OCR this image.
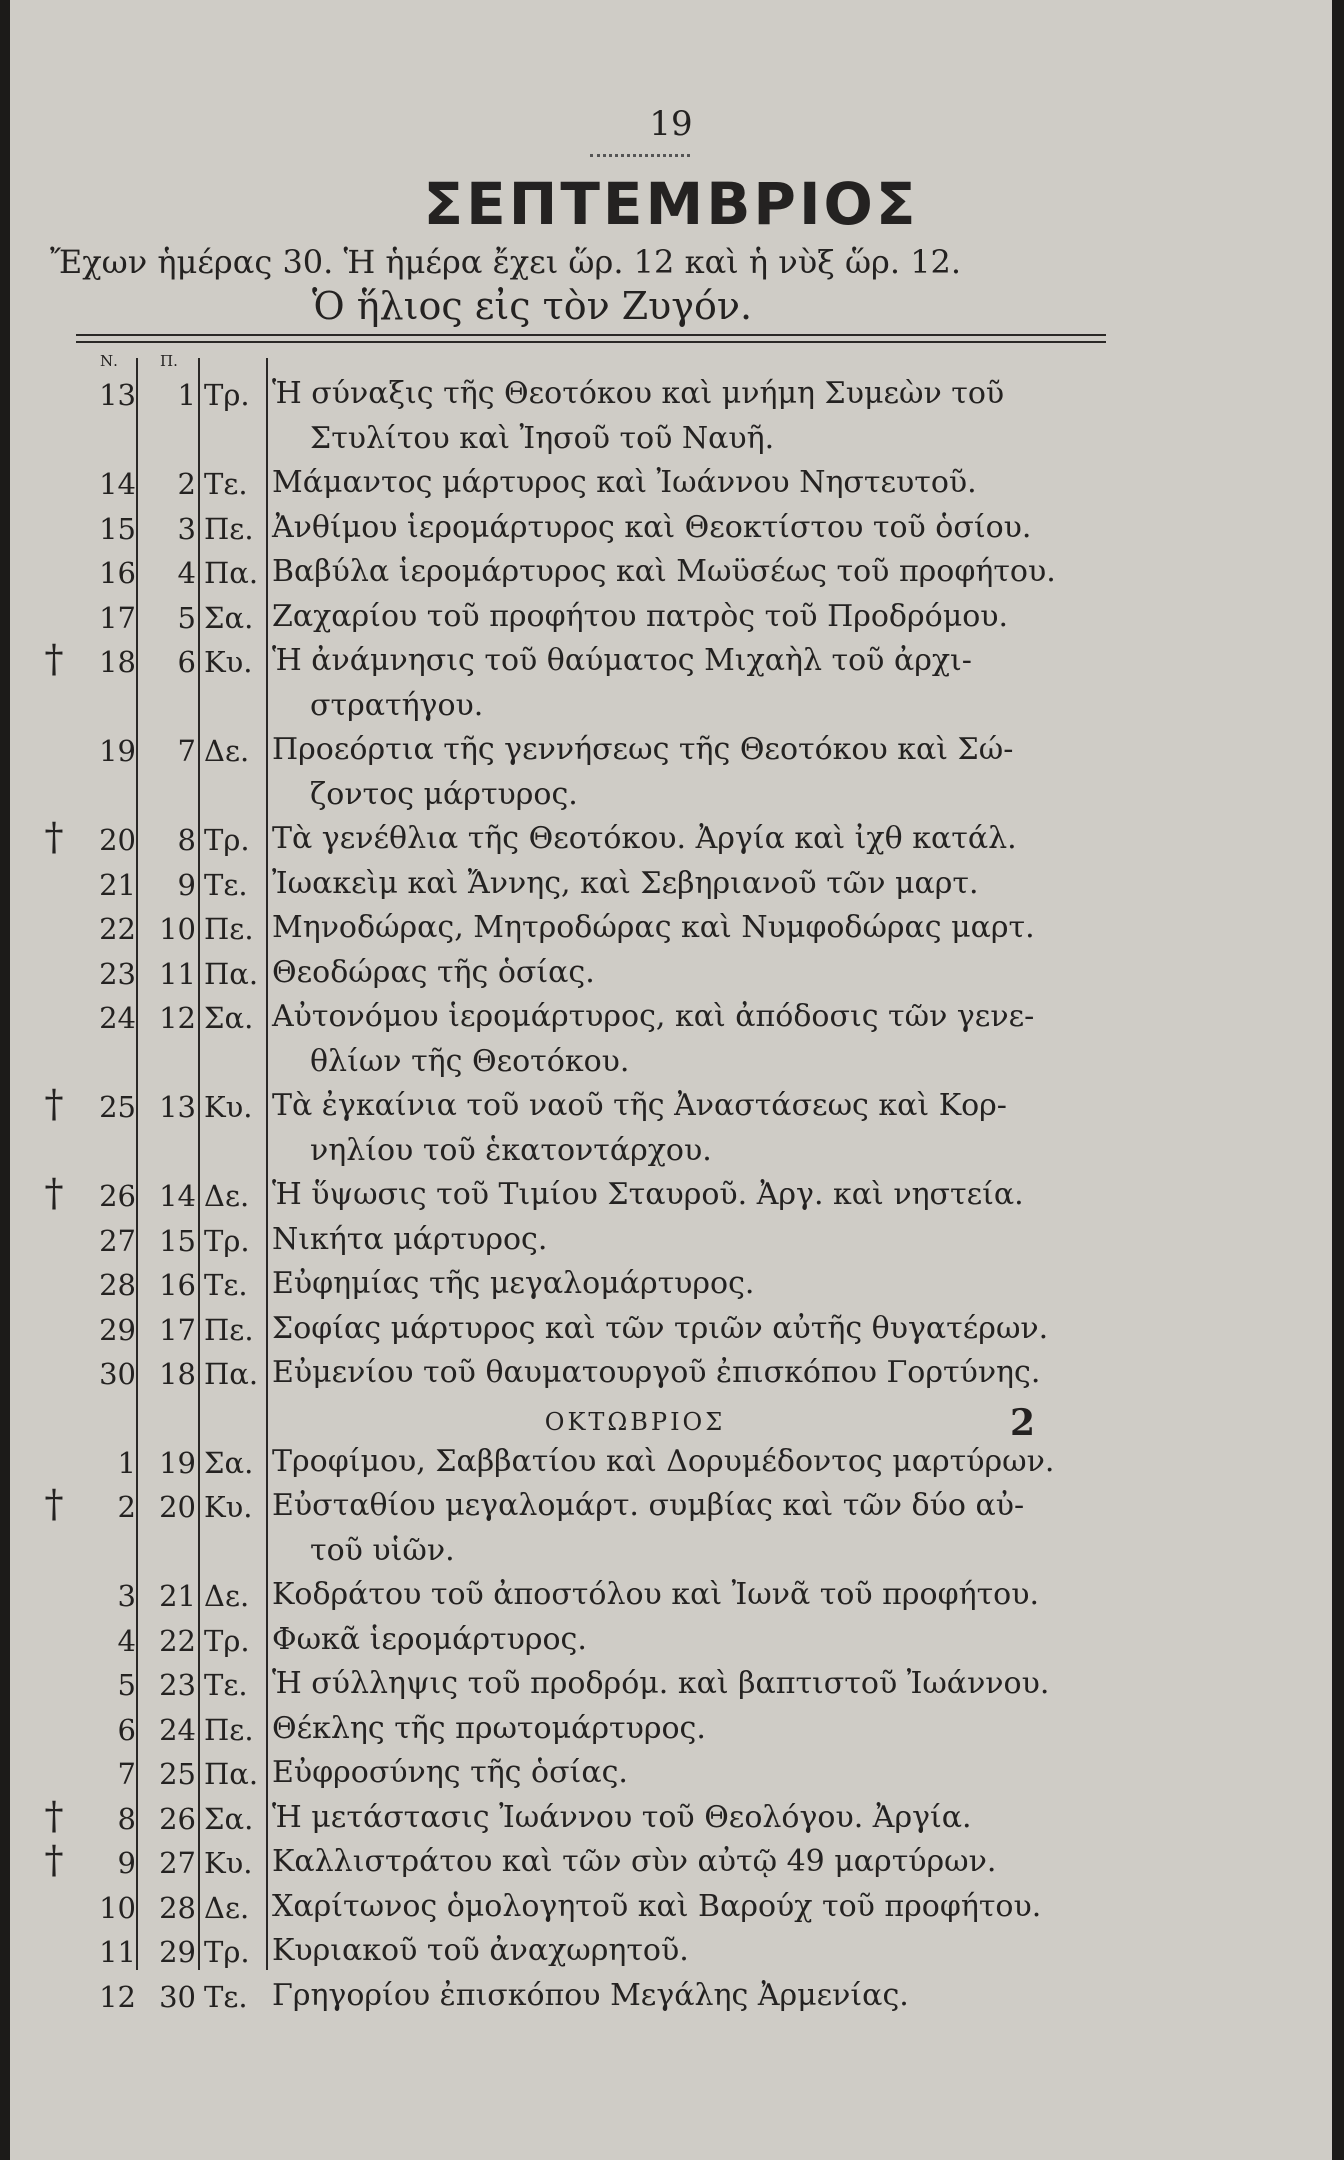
19
ΣΕΠΤΕΜΒΡΙΟΣ
Ἔχων ἡμέρας 30. Ἡ ἡμέρα ἔχει ὥρ. 12 καὶ ἡ νὺξ ὥρ. 12.
Ὁ ἥλιος εἰς τὸν Ζυγόν.
Ν.	Π.
13	1 Τρ. Ἡ σύναξις τῆς Θεοτόκου καὶ μνήμη Συμεὼν τοῦ
Στυλίτου καὶ Ἰησοῦ τοῦ Ναυῆ.
14	2 Τε. Μάμαντος μάρτυρος καὶ Ἰωάννου Νηστευτοῦ.
15	3 Πε. Ἀνθίμου ἱερομάρτυρος καὶ Θεοκτίστου τοῦ ὁσίου.
16	4 Πα. Βαβύλα ἱερομάρτυρος καὶ Μωϋσέως τοῦ προφήτου.
17	5 Σα. Ζαχαρίου τοῦ προφήτου πατρὸς τοῦ Προδρόμου.
†	18	6 Κυ. Ἡ ἀνάμνησις τοῦ θαύματος Μιχαὴλ τοῦ ἀρχι-
στρατήγου.
19	7 Δε. Προεόρτια τῆς γεννήσεως τῆς Θεοτόκου καὶ Σώ-
ζοντος μάρτυρος.
†	20	8 Τρ. Τὰ γενέθλια τῆς Θεοτόκου. Ἀργία καὶ ἰχθ κατάλ.
21	9 Τε. Ἰωακεὶμ καὶ Ἄννης, καὶ Σεβηριανοῦ τῶν μαρτ.
22 10 Πε. Μηνοδώρας, Μητροδώρας καὶ Νυμφοδώρας μαρτ.
23 11 Πα. Θεοδώρας τῆς ὁσίας.
24 12 Σα. Αὐτονόμου ἱερομάρτυρος, καὶ ἀπόδοσις τῶν γενε-
θλίων τῆς Θεοτόκου.
†	25 13 Κυ. Τὰ ἐγκαίνια τοῦ ναοῦ τῆς Ἀναστάσεως καὶ Κορ-
νηλίου τοῦ ἑκατοντάρχου.
†	26 14 Δε. Ἡ ὕψωσις τοῦ Τιμίου Σταυροῦ. Ἀργ. καὶ νηστεία.
27 15 Τρ. Νικήτα μάρτυρος.
28 16 Τε. Εὐφημίας τῆς μεγαλομάρτυρος.
29 17 Πε. Σοφίας μάρτυρος καὶ τῶν τριῶν αὐτῆς θυγατέρων.
30 18 Πα. Εὐμενίου τοῦ θαυματουργοῦ ἐπισκόπου Γορτύνης.
ΟΚΤΩΒΡΙΟΣ
1 19 Σα. Τροφίμου, Σαββατίου καὶ Δορυμέδοντος μαρτύρων.
†	2 20 Κυ. Εὐσταθίου μεγαλομάρτ. συμβίας καὶ τῶν δύο αὐ-
τοῦ υἱῶν.
3 21 Δε. Κοδράτου τοῦ ἀποστόλου καὶ Ἰωνᾶ τοῦ προφήτου.
4 22 Τρ. Φωκᾶ ἱερομάρτυρος.
5 23 Τε. Ἡ σύλληψις τοῦ προδρόμ. καὶ βαπτιστοῦ Ἰωάννου.
6 24 Πε. Θέκλης τῆς πρωτομάρτυρος.
7 25 Πα. Εὐφροσύνης τῆς ὁσίας.
†	8 26 Σα. Ἡ μετάστασις Ἰωάννου τοῦ Θεολόγου. Ἀργία.
†	9 27 Κυ. Καλλιστράτου καὶ τῶν σὺν αὐτῷ 49 μαρτύρων.
10 28 Δε. Χαρίτωνος ὁμολογητοῦ καὶ Βαρούχ τοῦ προφήτου.
11 29 Τρ. Κυριακοῦ τοῦ ἀναχωρητοῦ.
12 30 Τε. Γρηγορίου ἐπισκόπου Μεγάλης Ἀρμενίας.
2
